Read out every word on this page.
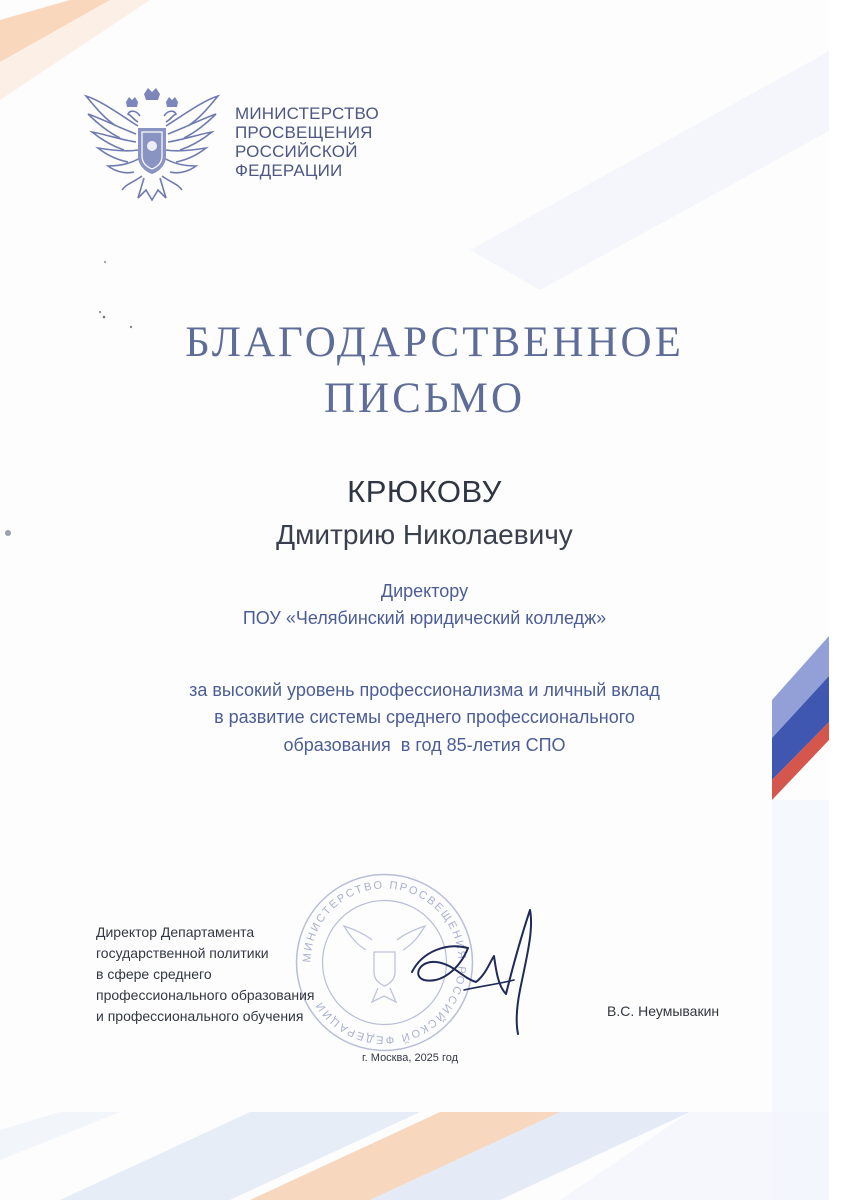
МИНИСТЕРСТВО
ПРОСВЕЩЕНИЯ
РОССИЙСКОЙ
ФЕДЕРАЦИИ
БЛАГОДАРСТВЕННОЕ
ПИСЬМО
КРЮКОВУ
Дмитрию Николаевичу
Директору
ПОУ «Челябинский юридический колледж»
за высокий уровень профессионализма и личный вклад
в развитие системы среднего профессионального
образования  в год 85-летия СПО
МИНИСТЕРСТВО ПРОСВЕЩЕНИЯ РОССИЙСКОЙ ФЕДЕРАЦИИ
Директор Департамента
государственной политики
в сфере среднего
профессионального образования
и профессионального обучения	В.С. Неумывакин
г. Москва, 2025 год
